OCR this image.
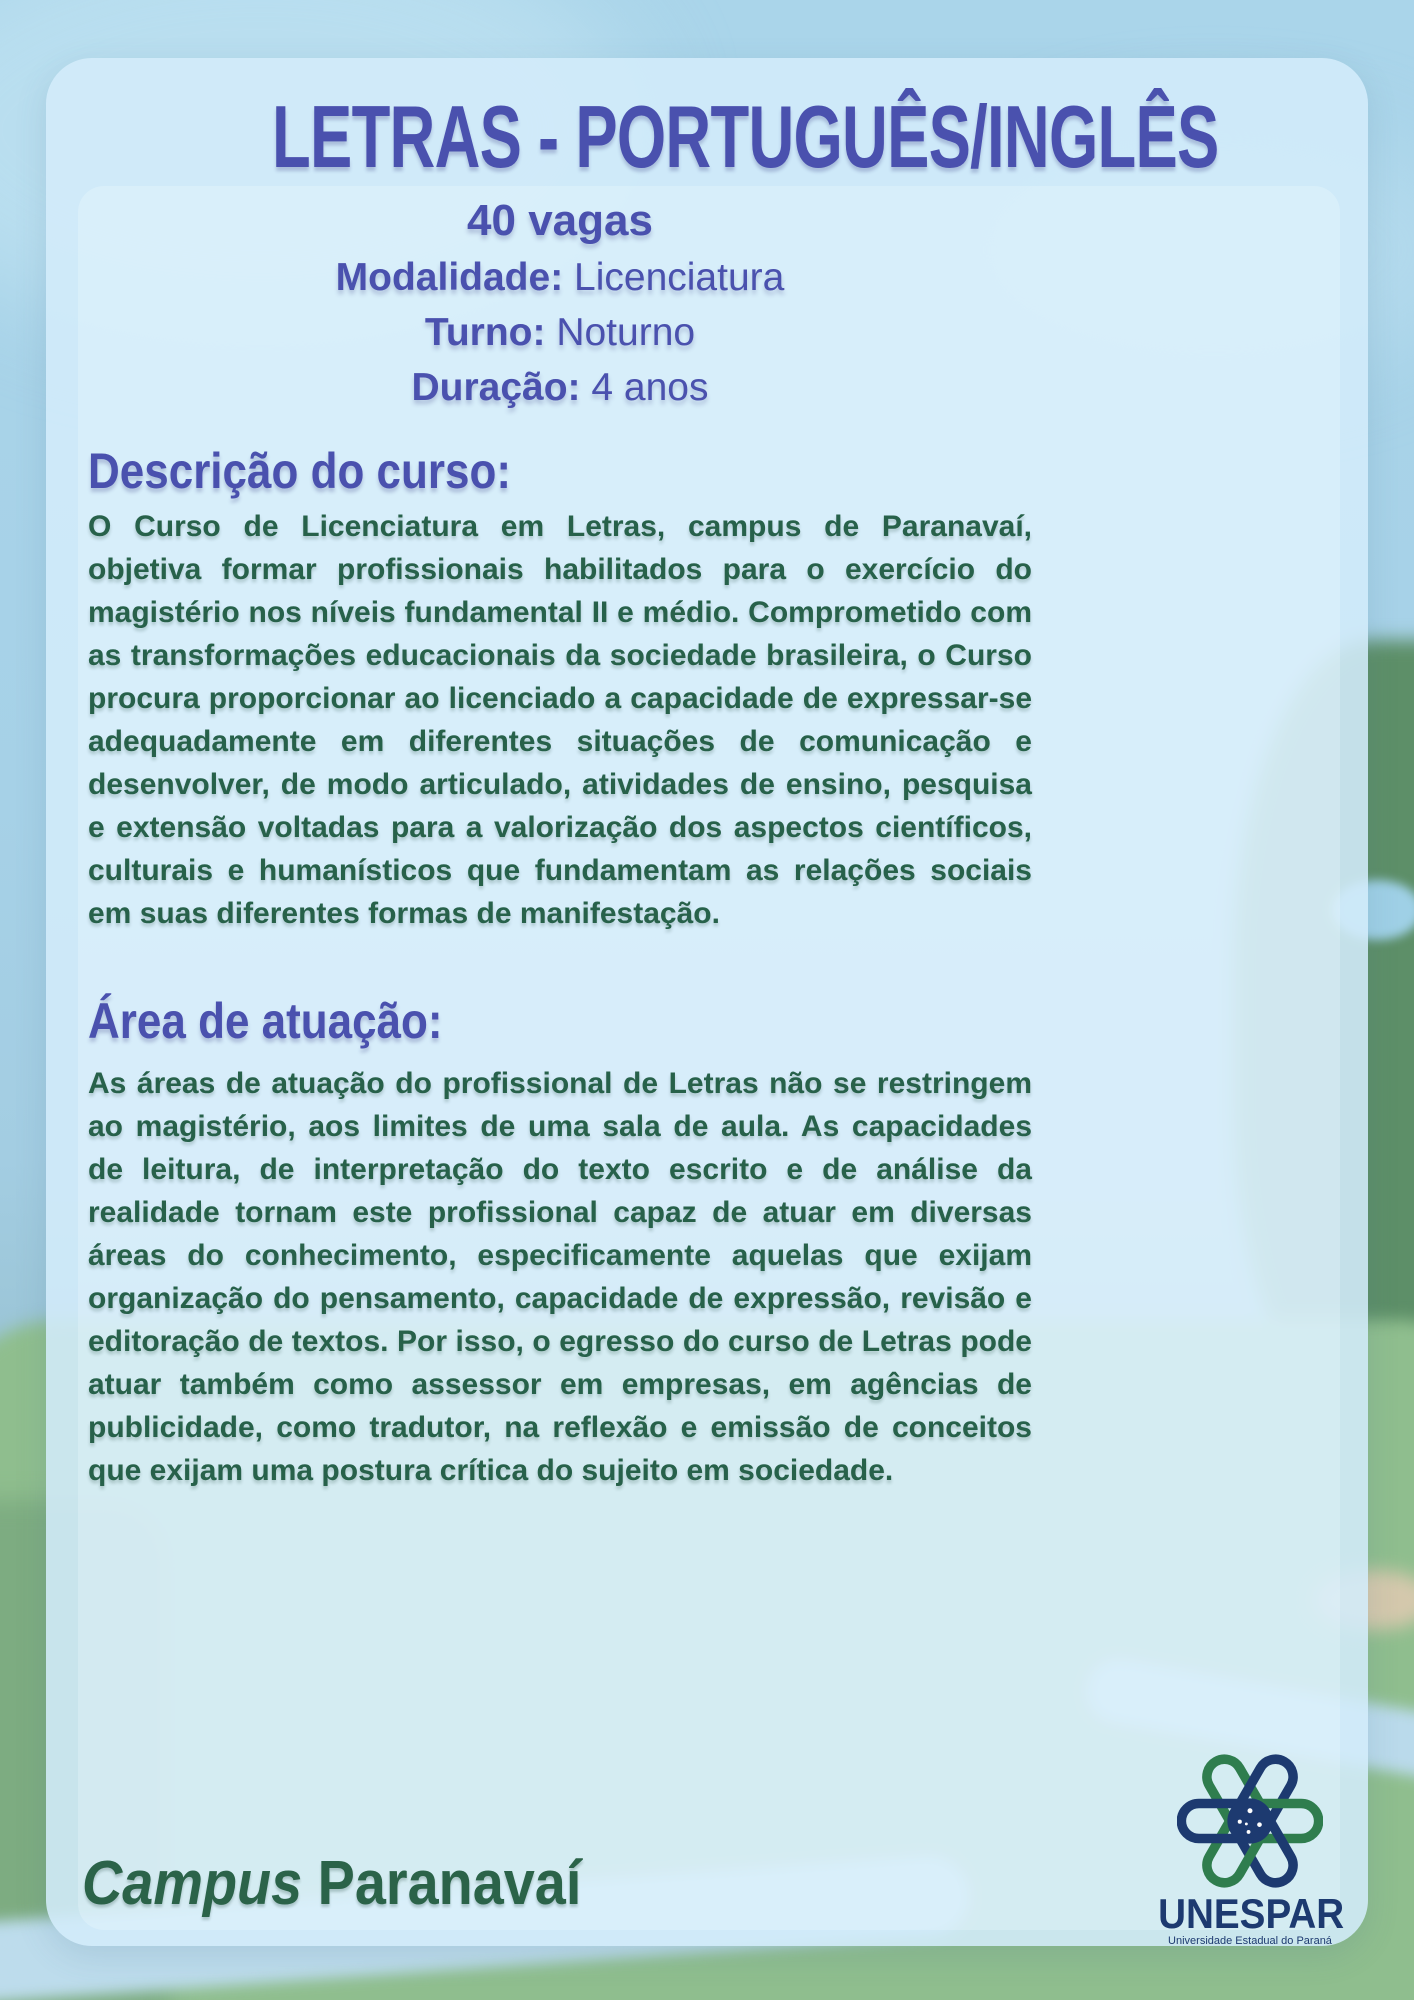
LETRAS - PORTUGUÊS/INGLÊS
40 vagas
Modalidade: Licenciatura
Turno: Noturno
Duração: 4 anos
Descrição do curso:
O Curso de Licenciatura em Letras, campus de Paranavaí, objetiva formar profissionais habilitados para o exercício do magistério nos níveis fundamental II e médio. Comprometido com as transformações educacionais da sociedade brasileira, o Curso procura proporcionar ao licenciado a capacidade de expressar-se adequadamente em diferentes situações de comunicação e desenvolver, de modo articulado, atividades de ensino, pesquisa e extensão voltadas para a valorização dos aspectos científicos, culturais e humanísticos que fundamentam as relações sociais em suas diferentes formas de manifestação.
Área de atuação:
As áreas de atuação do profissional de Letras não se restringem ao magistério, aos limites de uma sala de aula. As capacidades de leitura, de interpretação do texto escrito e de análise da realidade tornam este profissional capaz de atuar em diversas áreas do conhecimento, especificamente aquelas que exijam organização do pensamento, capacidade de expressão, revisão e editoração de textos. Por isso, o egresso do curso de Letras pode atuar também como assessor em empresas, em agências de publicidade, como tradutor, na reflexão e emissão de conceitos que exijam uma postura crítica do sujeito em sociedade.
Campus Paranavaí	UNESPAR
Universidade Estadual do Paraná
